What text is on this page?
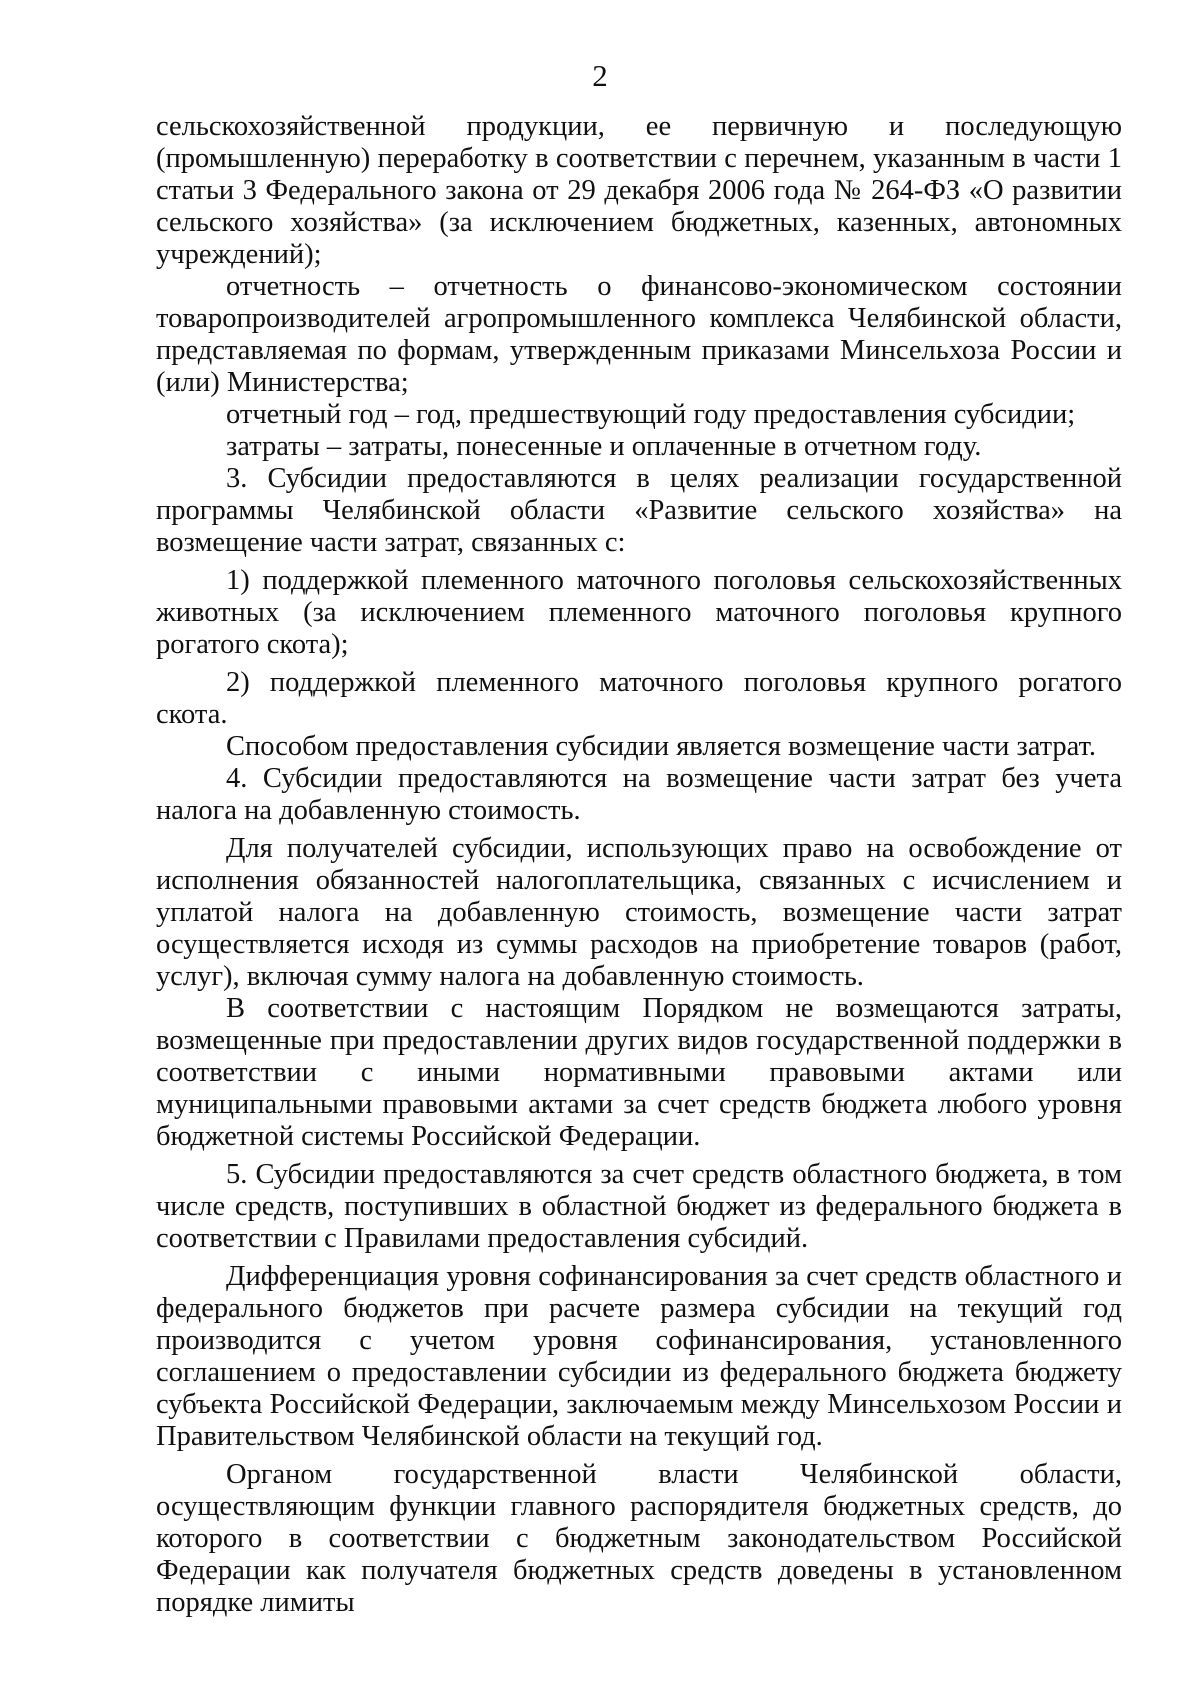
2

сельскохозяйственной продукции, ее первичную и последующую (промышленную) переработку в соответствии с перечнем, указанным в части 1 статьи 3 Федерального закона от 29 декабря 2006 года № 264-ФЗ «О развитии сельского хозяйства» (за исключением бюджетных, казенных, автономных учреждений);

отчетность – отчетность о финансово-экономическом состоянии товаропроизводителей агропромышленного комплекса Челябинской области, представляемая по формам, утвержденным приказами Минсельхоза России и (или) Министерства;

отчетный год – год, предшествующий году предоставления субсидии;

затраты – затраты, понесенные и оплаченные в отчетном году.

3. Субсидии предоставляются в целях реализации государственной программы Челябинской области «Развитие сельского хозяйства» на возмещение части затрат, связанных с:

1) поддержкой племенного маточного поголовья сельскохозяйственных животных (за исключением племенного маточного поголовья крупного рогатого скота);

2) поддержкой племенного маточного поголовья крупного рогатого скота.

Способом предоставления субсидии является возмещение части затрат.

4. Субсидии предоставляются на возмещение части затрат без учета налога на добавленную стоимость.

Для получателей субсидии, использующих право на освобождение от исполнения обязанностей налогоплательщика, связанных с исчислением и уплатой налога на добавленную стоимость, возмещение части затрат осуществляется исходя из суммы расходов на приобретение товаров (работ, услуг), включая сумму налога на добавленную стоимость.

В соответствии с настоящим Порядком не возмещаются затраты, возмещенные при предоставлении других видов государственной поддержки в соответствии с иными нормативными правовыми актами или муниципальными правовыми актами за счет средств бюджета любого уровня бюджетной системы Российской Федерации.

5. Субсидии предоставляются за счет средств областного бюджета, в том числе средств, поступивших в областной бюджет из федерального бюджета в соответствии с Правилами предоставления субсидий.

Дифференциация уровня софинансирования за счет средств областного и федерального бюджетов при расчете размера субсидии на текущий год производится с учетом уровня софинансирования, установленного соглашением о предоставлении субсидии из федерального бюджета бюджету субъекта Российской Федерации, заключаемым между Минсельхозом России и Правительством Челябинской области на текущий год.

Органом государственной власти Челябинской области, осуществляющим функции главного распорядителя бюджетных средств, до которого в соответствии с бюджетным законодательством Российской Федерации как получателя бюджетных средств доведены в установленном порядке лимиты
